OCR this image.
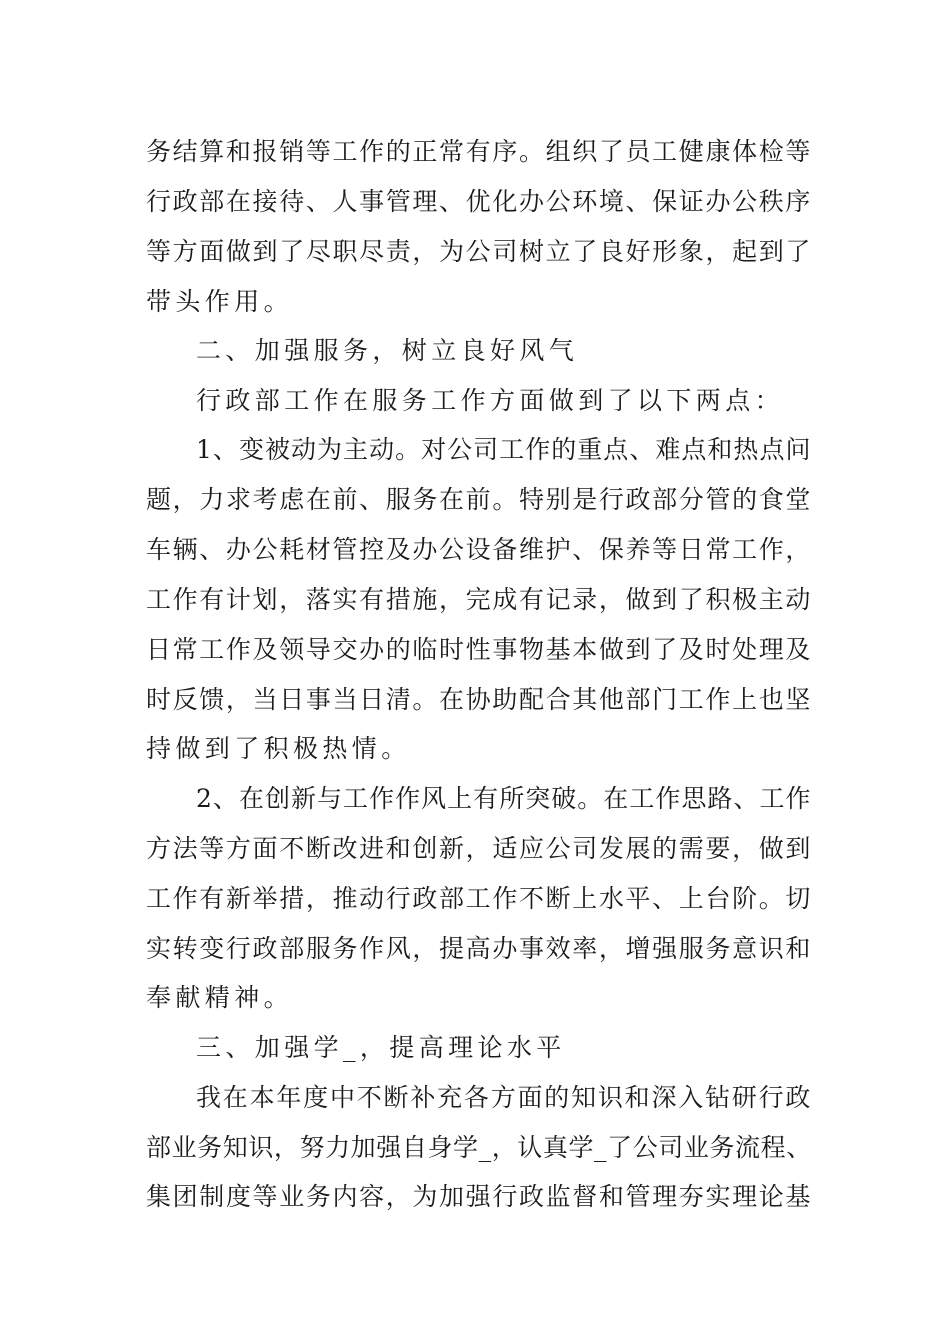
务结算和报销等工作的正常有序。组织了员工健康体检等
行政部在接待、人事管理、优化办公环境、保证办公秩序
等方面做到了尽职尽责，为公司树立了良好形象，起到了
带头作用。
二、加强服务，树立良好风气
行政部工作在服务工作方面做到了以下两点：
1、变被动为主动。对公司工作的重点、难点和热点问
题，力求考虑在前、服务在前。特别是行政部分管的食堂
车辆、办公耗材管控及办公设备维护、保养等日常工作，
工作有计划，落实有措施，完成有记录，做到了积极主动
日常工作及领导交办的临时性事物基本做到了及时处理及
时反馈，当日事当日清。在协助配合其他部门工作上也坚
持做到了积极热情。
2、在创新与工作作风上有所突破。在工作思路、工作
方法等方面不断改进和创新，适应公司发展的需要，做到
工作有新举措，推动行政部工作不断上水平、上台阶。切
实转变行政部服务作风，提高办事效率，增强服务意识和
奉献精神。
三、加强学_，提高理论水平
我在本年度中不断补充各方面的知识和深入钻研行政
部业务知识，努力加强自身学_，认真学_了公司业务流程、
集团制度等业务内容，为加强行政监督和管理夯实理论基
